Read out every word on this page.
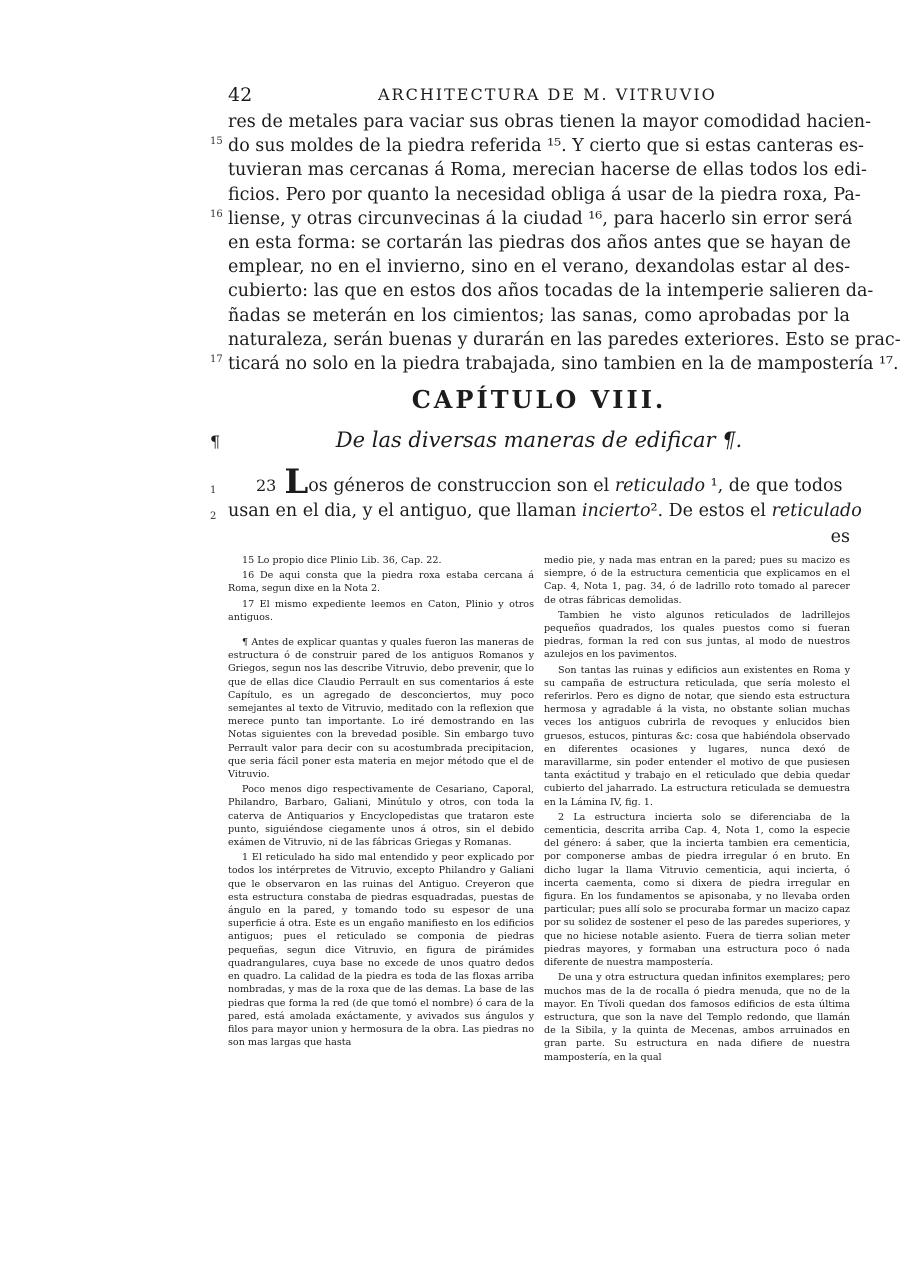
42	ARCHITECTURA DE M. VITRUVIO
15
16
17
res de metales para vaciar sus obras tienen la mayor comodidad hacien-
do sus moldes de la piedra referida ¹⁵. Y cierto que si estas canteras es-
tuvieran mas cercanas á Roma, merecian hacerse de ellas todos los edi-
ficios. Pero por quanto la necesidad obliga á usar de la piedra roxa, Pa-
liense, y otras circunvecinas á la ciudad ¹⁶, para hacerlo sin error será
en esta forma: se cortarán las piedras dos años antes que se hayan de
emplear, no en el invierno, sino en el verano, dexandolas estar al des-
cubierto: las que en estos dos años tocadas de la intemperie salieren da-
ñadas se meterán en los cimientos; las sanas, como aprobadas por la
naturaleza, serán buenas y durarán en las paredes exteriores. Esto se prac-
ticará no solo en la piedra trabajada, sino tambien en la de mampostería ¹⁷.
CAPÍTULO VIII.
¶	De las diversas maneras de edificar ¶.
1
2
23 Los géneros de construccion son el reticulado ¹, de que todos
usan en el dia, y el antiguo, que llaman incierto². De estos el reticulado
es

15 Lo propio dice Plinio Lib. 36, Cap. 22.

16 De aqui consta que la piedra roxa estaba cercana á Roma, segun dixe en la Nota 2.

17 El mismo expediente leemos en Caton, Plinio y otros antiguos.

¶ Antes de explicar quantas y quales fueron las maneras de estructura ó de construir pared de los antiguos Romanos y Griegos, segun nos las describe Vitruvio, debo prevenir, que lo que de ellas dice Claudio Perrault en sus comentarios á este Capítulo, es un agregado de desconciertos, muy poco semejantes al texto de Vitruvio, meditado con la reflexion que merece punto tan importante. Lo iré demostrando en las Notas siguientes con la brevedad posible. Sin embargo tuvo Perrault valor para decir con su acostumbrada precipitacion, que seria fácil poner esta materia en mejor método que el de Vitruvio.

Poco menos digo respectivamente de Cesariano, Caporal, Philandro, Barbaro, Galiani, Minútulo y otros, con toda la caterva de Antiquarios y Encyclopedistas que trataron este punto, siguiéndose ciegamente unos á otros, sin el debido exámen de Vitruvio, ni de las fábricas Griegas y Romanas.

1 El reticulado ha sido mal entendido y peor explicado por todos los intérpretes de Vitruvio, excepto Philandro y Galiani que le observaron en las ruinas del Antiguo. Creyeron que esta estructura constaba de piedras esquadradas, puestas de ángulo en la pared, y tomando todo su espesor de una superficie á otra. Este es un engaño manifiesto en los edificios antiguos; pues el reticulado se componia de piedras pequeñas, segun dice Vitruvio, en figura de pirámides quadrangulares, cuya base no excede de unos quatro dedos en quadro. La calidad de la piedra es toda de las floxas arriba nombradas, y mas de la roxa que de las demas. La base de las piedras que forma la red (de que tomó el nombre) ó cara de la pared, está amolada exáctamente, y avivados sus ángulos y filos para mayor union y hermosura de la obra. Las piedras no son mas largas que hasta

medio pie, y nada mas entran en la pared; pues su macizo es siempre, ó de la estructura cementicia que explicamos en el Cap. 4, Nota 1, pag. 34, ó de ladrillo roto tomado al parecer de otras fábricas demolidas.

Tambien he visto algunos reticulados de ladrillejos pequeños quadrados, los quales puestos como si fueran piedras, forman la red con sus juntas, al modo de nuestros azulejos en los pavimentos.

Son tantas las ruinas y edificios aun existentes en Roma y su campaña de estructura reticulada, que sería molesto el referirlos. Pero es digno de notar, que siendo esta estructura hermosa y agradable á la vista, no obstante solian muchas veces los antiguos cubrirla de revoques y enlucidos bien gruesos, estucos, pinturas &c: cosa que habiéndola observado en diferentes ocasiones y lugares, nunca dexó de maravillarme, sin poder entender el motivo de que pusiesen tanta exáctitud y trabajo en el reticulado que debia quedar cubierto del jaharrado. La estructura reticulada se demuestra en la Lámina IV, fig. 1.

2 La estructura incierta solo se diferenciaba de la cementicia, descrita arriba Cap. 4, Nota 1, como la especie del género: á saber, que la incierta tambien era cementicia, por componerse ambas de piedra irregular ó en bruto. En dicho lugar la llama Vitruvio cementicia, aqui incierta, ó incerta caementa, como si dixera de piedra irregular en figura. En los fundamentos se apisonaba, y no llevaba orden particular; pues allí solo se procuraba formar un macizo capaz por su solidez de sostener el peso de las paredes superiores, y que no hiciese notable asiento. Fuera de tierra solian meter piedras mayores, y formaban una estructura poco ó nada diferente de nuestra mampostería.

De una y otra estructura quedan infinitos exemplares; pero muchos mas de la de rocalla ó piedra menuda, que no de la mayor. En Tívoli quedan dos famosos edificios de esta última estructura, que son la nave del Templo redondo, que llamán de la Sibila, y la quinta de Mecenas, ambos arruinados en gran parte. Su estructura en nada difiere de nuestra mampostería, en la qual
